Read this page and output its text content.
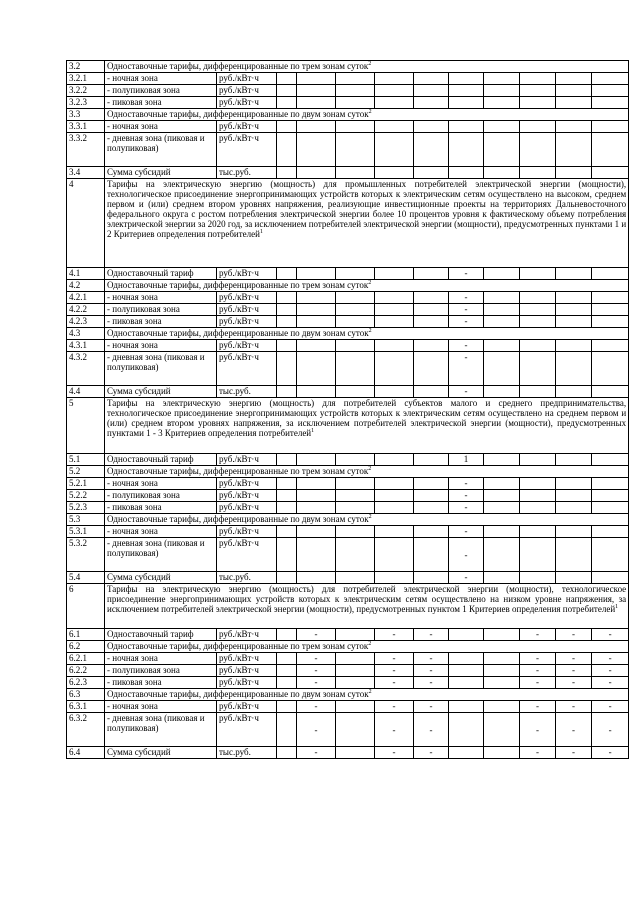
3.2	Одноставочные тарифы, дифференцированные по трем зонам суток$^2$
3.2.1	- ночная зона	руб./кВт·ч											
3.2.2	- полупиковая зона	руб./кВт·ч											
3.2.3	- пиковая зона	руб./кВт·ч											
3.3	Одноставочные тарифы, дифференцированные по двум зонам суток$^2$
3.3.1	- ночная зона	руб./кВт·ч											
3.3.2	- дневная зона (пиковая и полупиковая)	руб./кВт·ч											
3.4	Сумма субсидий	тыс.руб.											
4	Тарифы на электрическую энергию (мощность) для промышленных потребителей электрической энергии (мощности), технологическое присоединение энергопринимающих устройств которых к электрическим сетям осуществлено на высоком, среднем первом и (или) среднем втором уровнях напряжения, реализующие инвестиционные проекты на территориях Дальневосточного федерального округа с ростом потребления электрической энергии более 10 процентов уровня к фактическому объему потребления электрической энергии за 2020 год, за исключением потребителей электрической энергии (мощности), предусмотренных пунктами 1 и 2 Критериев определения потребителей$^1$
4.1	Одноставочный тариф	руб./кВт·ч						-					
4.2	Одноставочные тарифы, дифференцированные по трем зонам суток$^2$
4.2.1	- ночная зона	руб./кВт·ч						-					
4.2.2	- полупиковая зона	руб./кВт·ч						-					
4.2.3	- пиковая зона	руб./кВт·ч						-					
4.3	Одноставочные тарифы, дифференцированные по двум зонам суток$^2$
4.3.1	- ночная зона	руб./кВт·ч						-					
4.3.2	- дневная зона (пиковая и полупиковая)	руб./кВт·ч						-					
4.4	Сумма субсидий	тыс.руб.						-					
5	Тарифы на электрическую энергию (мощность) для потребителей субъектов малого и среднего предпринимательства, технологическое присоединение энергопринимающих устройств которых к электрическим сетям осуществлено на среднем первом и (или) среднем втором уровнях напряжения, за исключением потребителей электрической энергии (мощности), предусмотренных пунктами 1 - 3 Критериев определения потребителей$^1$
5.1	Одноставочный тариф	руб./кВт·ч						1					
5.2	Одноставочные тарифы, дифференцированные по трем зонам суток$^2$
5.2.1	- ночная зона	руб./кВт·ч						-					
5.2.2	- полупиковая зона	руб./кВт·ч						-					
5.2.3	- пиковая зона	руб./кВт·ч						-					
5.3	Одноставочные тарифы, дифференцированные по двум зонам суток$^2$
5.3.1	- ночная зона	руб./кВт·ч						-					
5.3.2	- дневная зона (пиковая и полупиковая)	руб./кВт·ч						-					
5.4	Сумма субсидий	тыс.руб.						-					
6	Тарифы на электрическую энергию (мощность) для потребителей электрической энергии (мощности), технологическое присоединение энергопринимающих устройств которых к электрическим сетям осуществлено на низком уровне напряжения, за исключением потребителей электрической энергии (мощности), предусмотренных пунктом 1 Критериев определения потребителей$^1$
6.1	Одноставочный тариф	руб./кВт·ч		-		-	-			-	-	-	
6.2	Одноставочные тарифы, дифференцированные по трем зонам суток$^2$
6.2.1	- ночная зона	руб./кВт·ч		-		-	-			-	-	-	
6.2.2	- полупиковая зона	руб./кВт·ч		-		-	-			-	-	-	
6.2.3	- пиковая зона	руб./кВт·ч		-		-	-			-	-	-	
6.3	Одноставочные тарифы, дифференцированные по двум зонам суток$^2$
6.3.1	- ночная зона	руб./кВт·ч		-		-	-			-	-	-	
6.3.2	- дневная зона (пиковая и полупиковая)	руб./кВт·ч		-		-	-			-	-	-	
6.4	Сумма субсидий	тыс.руб.		-		-	-			-	-	-	
